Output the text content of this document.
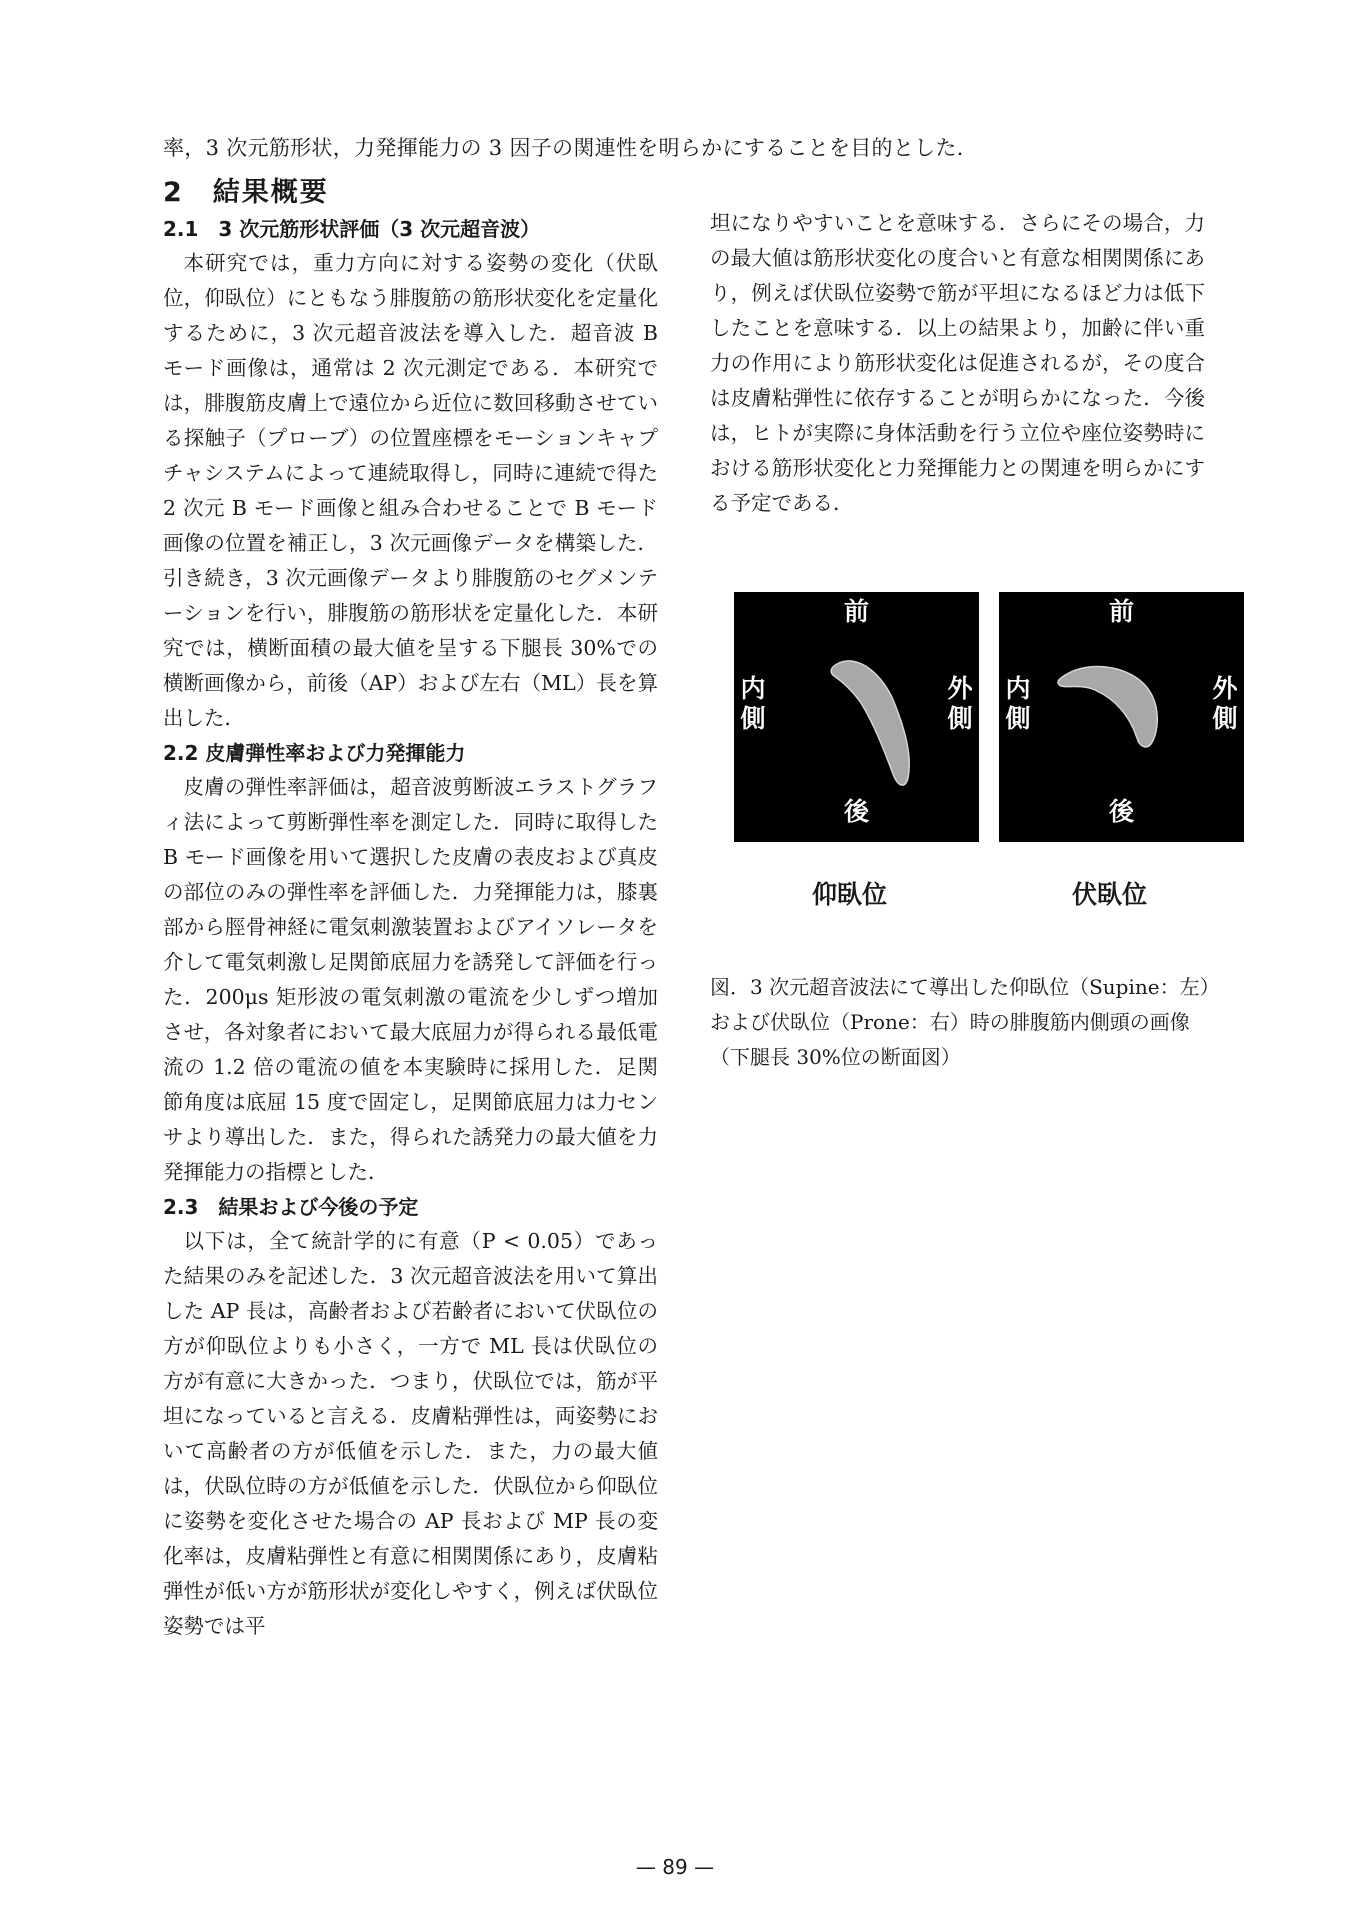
率，3 次元筋形状，力発揮能力の 3 因子の関連性を明らかにすることを目的とした．
2　結果概要

2.1　3 次元筋形状評価（3 次元超音波）

本研究では，重力方向に対する姿勢の変化（伏臥位，仰臥位）にともなう腓腹筋の筋形状変化を定量化するために，3 次元超音波法を導入した．超音波 B モード画像は，通常は 2 次元測定である．本研究では，腓腹筋皮膚上で遠位から近位に数回移動させている探触子（プローブ）の位置座標をモーションキャプチャシステムによって連続取得し，同時に連続で得た 2 次元 B モード画像と組み合わせることで B モード画像の位置を補正し，3 次元画像データを構築した．引き続き，3 次元画像データより腓腹筋のセグメンテーションを行い，腓腹筋の筋形状を定量化した．本研究では，横断面積の最大値を呈する下腿長 30%での横断画像から，前後（AP）および左右（ML）長を算出した．

2.2 皮膚弾性率および力発揮能力

皮膚の弾性率評価は，超音波剪断波エラストグラフィ法によって剪断弾性率を測定した．同時に取得した B モード画像を用いて選択した皮膚の表皮および真皮の部位のみの弾性率を評価した．力発揮能力は，膝裏部から脛骨神経に電気刺激装置およびアイソレータを介して電気刺激し足関節底屈力を誘発して評価を行った．200μs 矩形波の電気刺激の電流を少しずつ増加させ，各対象者において最大底屈力が得られる最低電流の 1.2 倍の電流の値を本実験時に採用した．足関節角度は底屈 15 度で固定し，足関節底屈力は力センサより導出した．また，得られた誘発力の最大値を力発揮能力の指標とした．

2.3　結果および今後の予定

以下は，全て統計学的に有意（P < 0.05）であった結果のみを記述した．3 次元超音波法を用いて算出した AP 長は，高齢者および若齢者において伏臥位の方が仰臥位よりも小さく，一方で ML 長は伏臥位の方が有意に大きかった．つまり，伏臥位では，筋が平坦になっていると言える．皮膚粘弾性は，両姿勢において高齢者の方が低値を示した．また，力の最大値は，伏臥位時の方が低値を示した．伏臥位から仰臥位に姿勢を変化させた場合の AP 長および MP 長の変化率は，皮膚粘弾性と有意に相関関係にあり，皮膚粘弾性が低い方が筋形状が変化しやすく，例えば伏臥位姿勢では平

坦になりやすいことを意味する．さらにその場合，力の最大値は筋形状変化の度合いと有意な相関関係にあり，例えば伏臥位姿勢で筋が平坦になるほど力は低下したことを意味する．以上の結果より，加齢に伴い重力の作用により筋形状変化は促進されるが，その度合は皮膚粘弾性に依存することが明らかになった．今後は，ヒトが実際に身体活動を行う立位や座位姿勢時における筋形状変化と力発揮能力との関連を明らかにする予定である．

前
後
内側
外側
前
後
内側
外側
仰臥位	伏臥位
図．3 次元超音波法にて導出した仰臥位（Supine：左）および伏臥位（Prone：右）時の腓腹筋内側頭の画像（下腿長 30%位の断面図）
— 89 —
